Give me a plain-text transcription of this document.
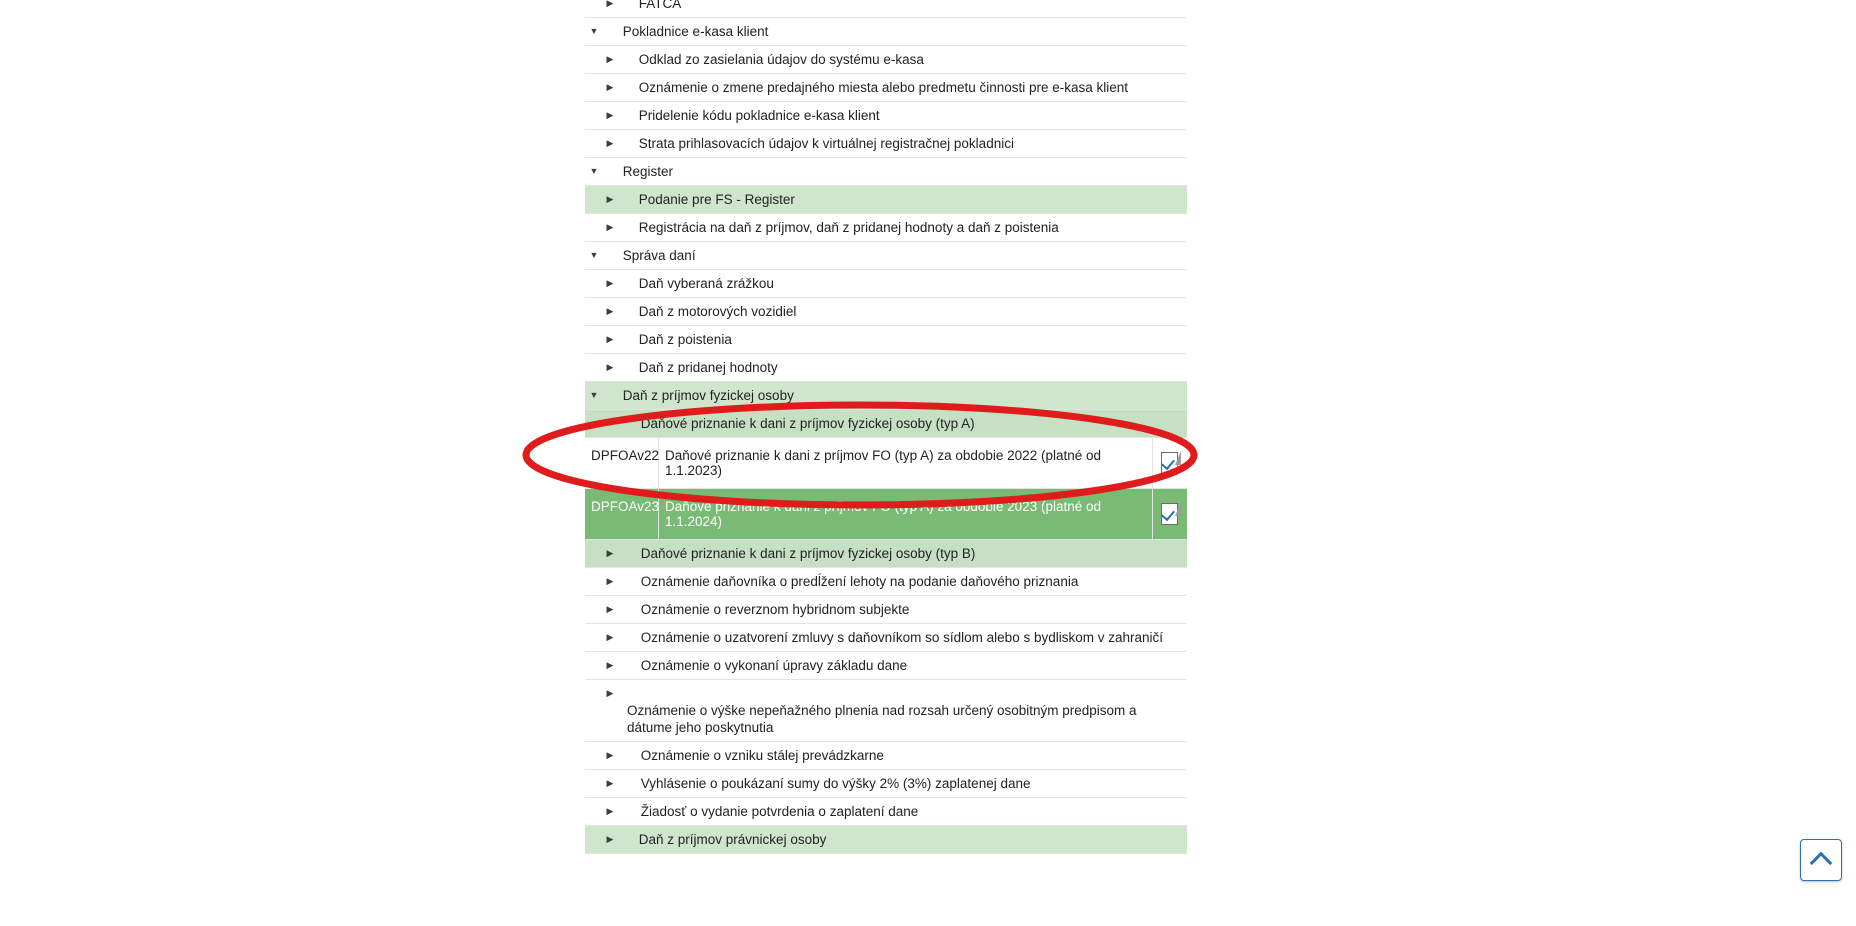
▶ FATCA
▼ Pokladnice e-kasa klient
▶ Odklad zo zasielania údajov do systému e-kasa
▶ Oznámenie o zmene predajného miesta alebo predmetu činnosti pre e-kasa klient
▶ Pridelenie kódu pokladnice e-kasa klient
▶ Strata prihlasovacích údajov k virtuálnej registračnej pokladnici
▼ Register
▶ Podanie pre FS - Register
▶ Registrácia na daň z príjmov, daň z pridanej hodnoty a daň z poistenia
▼ Správa daní
▶ Daň vyberaná zrážkou
▶ Daň z motorových vozidiel
▶ Daň z poistenia
▶ Daň z pridanej hodnoty
▼ Daň z príjmov fyzickej osoby
▼ Daňové priznanie k dani z príjmov fyzickej osoby (typ A)
DPFOAv22 Daňové priznanie k dani z príjmov FO (typ A) za obdobie 2022 (platné od 1.1.2023)
DPFOAv23 Daňové priznanie k dani z príjmov FO (typ A) za obdobie 2023 (platné od 1.1.2024)
▶ Daňové priznanie k dani z príjmov fyzickej osoby (typ B)
▶ Oznámenie daňovníka o predĺžení lehoty na podanie daňového priznania
▶ Oznámenie o reverznom hybridnom subjekte
▶ Oznámenie o uzatvorení zmluvy s daňovníkom so sídlom alebo s bydliskom v zahraničí
▶ Oznámenie o vykonaní úpravy základu dane
▶ Oznámenie o výške nepeňažného plnenia nad rozsah určený osobitným predpisom a dátume jeho poskytnutia
▶ Oznámenie o vzniku stálej prevádzkarne
▶ Vyhlásenie o poukázaní sumy do výšky 2% (3%) zaplatenej dane
▶ Žiadosť o vydanie potvrdenia o zaplatení dane
▶ Daň z príjmov právnickej osoby
